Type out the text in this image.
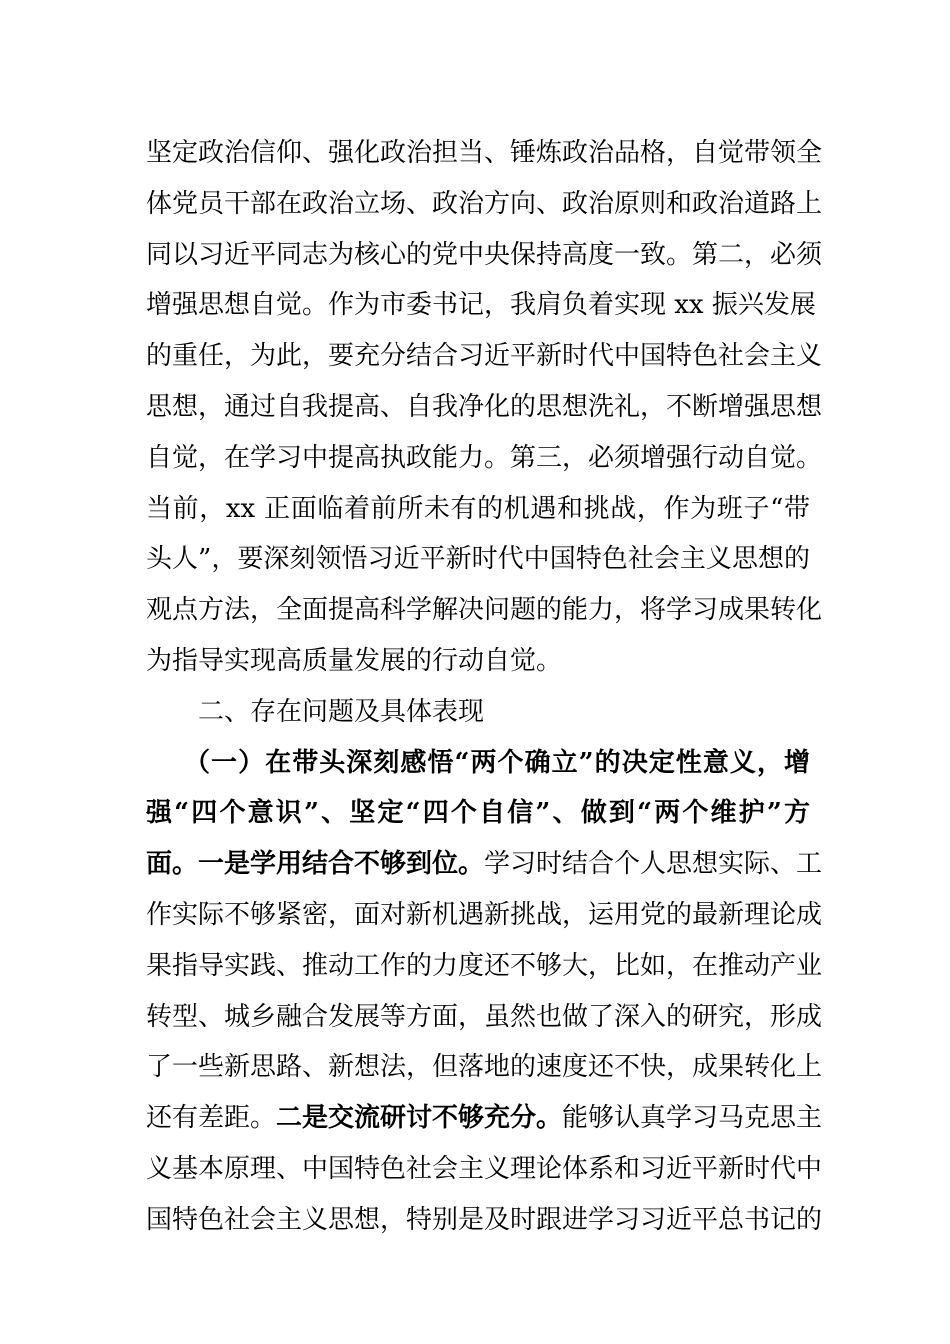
坚定政治信仰、强化政治担当、锤炼政治品格，自觉带领全
体党员干部在政治立场、政治方向、政治原则和政治道路上
同以习近平同志为核心的党中央保持高度一致。第二，必须
增强思想自觉。作为市委书记，我肩负着实现 xx 振兴发展
的重任，为此，要充分结合习近平新时代中国特色社会主义
思想，通过自我提高、自我净化的思想洗礼，不断增强思想
自觉，在学习中提高执政能力。第三，必须增强行动自觉。
当前，xx 正面临着前所未有的机遇和挑战，作为班子“带
头人”，要深刻领悟习近平新时代中国特色社会主义思想的
观点方法，全面提高科学解决问题的能力，将学习成果转化
为指导实现高质量发展的行动自觉。
二、存在问题及具体表现
（一）在带头深刻感悟“两个确立”的决定性意义，增
强“四个意识”、坚定“四个自信”、做到“两个维护”方
面。一是学用结合不够到位。学习时结合个人思想实际、工
作实际不够紧密，面对新机遇新挑战，运用党的最新理论成
果指导实践、推动工作的力度还不够大，比如，在推动产业
转型、城乡融合发展等方面，虽然也做了深入的研究，形成
了一些新思路、新想法，但落地的速度还不快，成果转化上
还有差距。二是交流研讨不够充分。能够认真学习马克思主
义基本原理、中国特色社会主义理论体系和习近平新时代中
国特色社会主义思想，特别是及时跟进学习习近平总书记的
